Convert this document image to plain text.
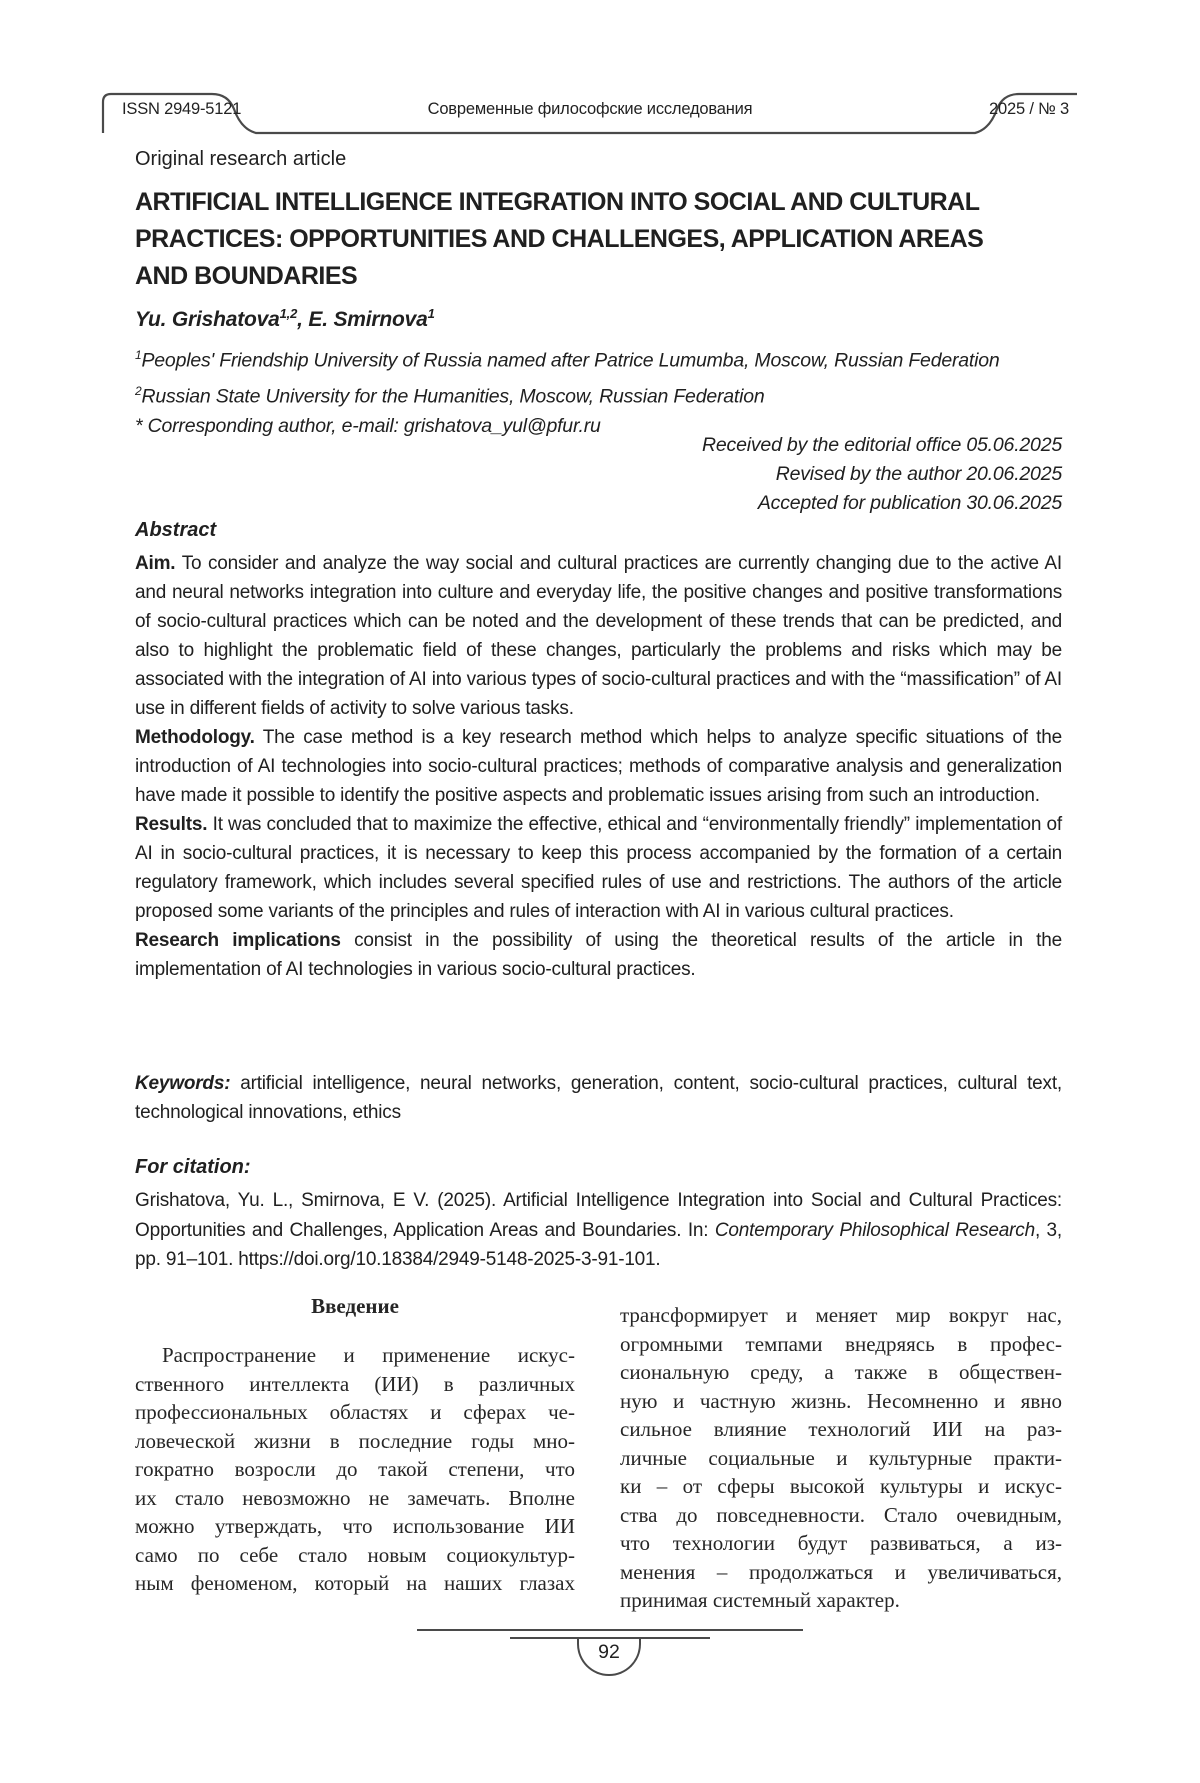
ISSN 2949-5121	Современные философские исследования	2025 / № 3
Original research article
ARTIFICIAL INTELLIGENCE INTEGRATION INTO SOCIAL AND CULTURAL
PRACTICES: OPPORTUNITIES AND CHALLENGES, APPLICATION AREAS
AND BOUNDARIES
Yu. Grishatova$^{1,2}$, E. Smirnova$^1$
$^1$Peoples' Friendship University of Russia named after Patrice Lumumba, Moscow, Russian Federation
$^2$Russian State University for the Humanities, Moscow, Russian Federation
* Corresponding author, e-mail: grishatova_yul@pfur.ru
Received by the editorial office 05.06.2025
Revised by the author 20.06.2025
Accepted for publication 30.06.2025
Abstract

Aim. To consider and analyze the way social and cultural practices are currently changing due to the active AI and neural networks integration into culture and everyday life, the positive changes and positive transformations of socio-cultural practices which can be noted and the development of these trends that can be predicted, and also to highlight the problematic field of these changes, particularly the problems and risks which may be associated with the integration of AI into various types of socio-cultural practices and with the “massification” of AI use in different fields of activity to solve various tasks.

Methodology. The case method is a key research method which helps to analyze specific situations of the introduction of AI technologies into socio-cultural practices; methods of comparative analysis and generalization have made it possible to identify the positive aspects and problematic issues arising from such an introduction.

Results. It was concluded that to maximize the effective, ethical and “environmentally friendly” implementation of AI in socio-cultural practices, it is necessary to keep this process accompanied by the formation of a certain regulatory framework, which includes several specified rules of use and restrictions. The authors of the article proposed some variants of the principles and rules of interaction with AI in various cultural practices.

Research implications consist in the possibility of using the theoretical results of the article in the implementation of AI technologies in various socio-cultural practices.

Keywords: artificial intelligence, neural networks, generation, content, socio-cultural practices, cultural text, technological innovations, ethics
For citation:
Grishatova, Yu. L., Smirnova, E V. (2025). Artificial Intelligence Integration into Social and Cultural Practices: Opportunities and Challenges, Application Areas and Boundaries. In: Contemporary Philosophical Research, 3, pp. 91–101. https://doi.org/10.18384/2949-5148-2025-3-91-101.
Введение
Распространение и применение искус-
ственного интеллекта (ИИ) в различных
профессиональных областях и сферах че-
ловеческой жизни в последние годы мно-
гократно возросли до такой степени, что
их стало невозможно не замечать. Вполне
можно утверждать, что использование ИИ
само по себе стало новым социокультур-
ным феноменом, который на наших глазах
трансформирует и меняет мир вокруг нас,
огромными темпами внедряясь в профес-
сиональную среду, а также в обществен-
ную и частную жизнь. Несомненно и явно
сильное влияние технологий ИИ на раз-
личные социальные и культурные практи-
ки – от сферы высокой культуры и искус-
ства до повседневности. Стало очевидным,
что технологии будут развиваться, а из-
менения – продолжаться и увеличиваться,
принимая системный характер.
92
